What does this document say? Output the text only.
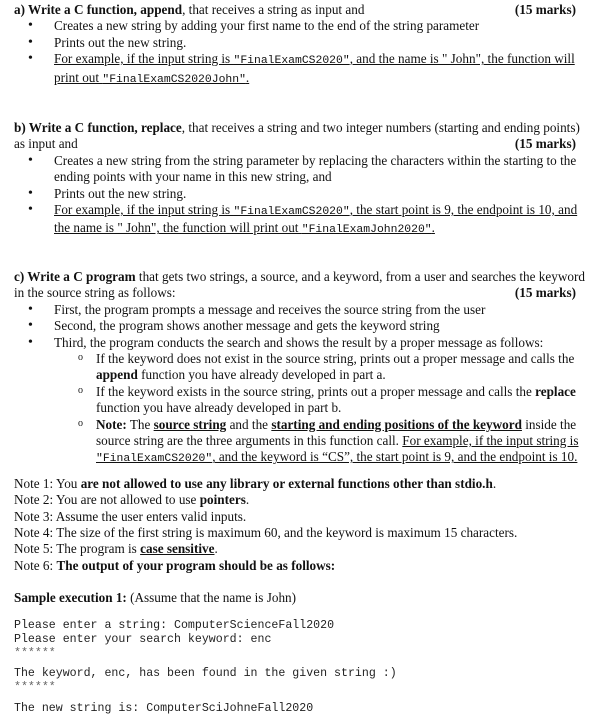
a) Write a C function, append, that receives a string as input and	(15 marks)
• Creates a new string by adding your first name to the end of the string parameter
• Prints out the new string.
• For example, if the input string is "FinalExamCS2020", and the name is " John", the function will print out "FinalExamCS2020John".
b) Write a C function, replace, that receives a string and two integer numbers (starting and ending points) as input and	(15 marks)
• Creates a new string from the string parameter by replacing the characters within the starting to the ending points with your name in this new string, and
• Prints out the new string.
• For example, if the input string is "FinalExamCS2020", the start point is 9, the endpoint is 10, and the name is " John", the function will print out "FinalExamJohn2020".
c) Write a C program that gets two strings, a source, and a keyword, from a user and searches the keyword in the source string as follows:	(15 marks)
• First, the program prompts a message and receives the source string from the user
• Second, the program shows another message and gets the keyword string
• Third, the program conducts the search and shows the result by a proper message as follows:
o If the keyword does not exist in the source string, prints out a proper message and calls the append function you have already developed in part a.
o If the keyword exists in the source string, prints out a proper message and calls the replace function you have already developed in part b.
o Note: The source string and the starting and ending positions of the keyword inside the source string are the three arguments in this function call. For example, if the input string is "FinalExamCS2020", and the keyword is “CS”, the start point is 9, and the endpoint is 10.
Note 1: You are not allowed to use any library or external functions other than stdio.h.
Note 2: You are not allowed to use pointers.
Note 3: Assume the user enters valid inputs.
Note 4: The size of the first string is maximum 60, and the keyword is maximum 15 characters.
Note 5: The program is case sensitive.
Note 6: The output of your program should be as follows:
Sample execution 1: (Assume that the name is John)
Please enter a string: ComputerScienceFall2020
Please enter your search keyword: enc
******
The keyword, enc, has been found in the given string :)
******
The new string is: ComputerSciJohneFall2020
